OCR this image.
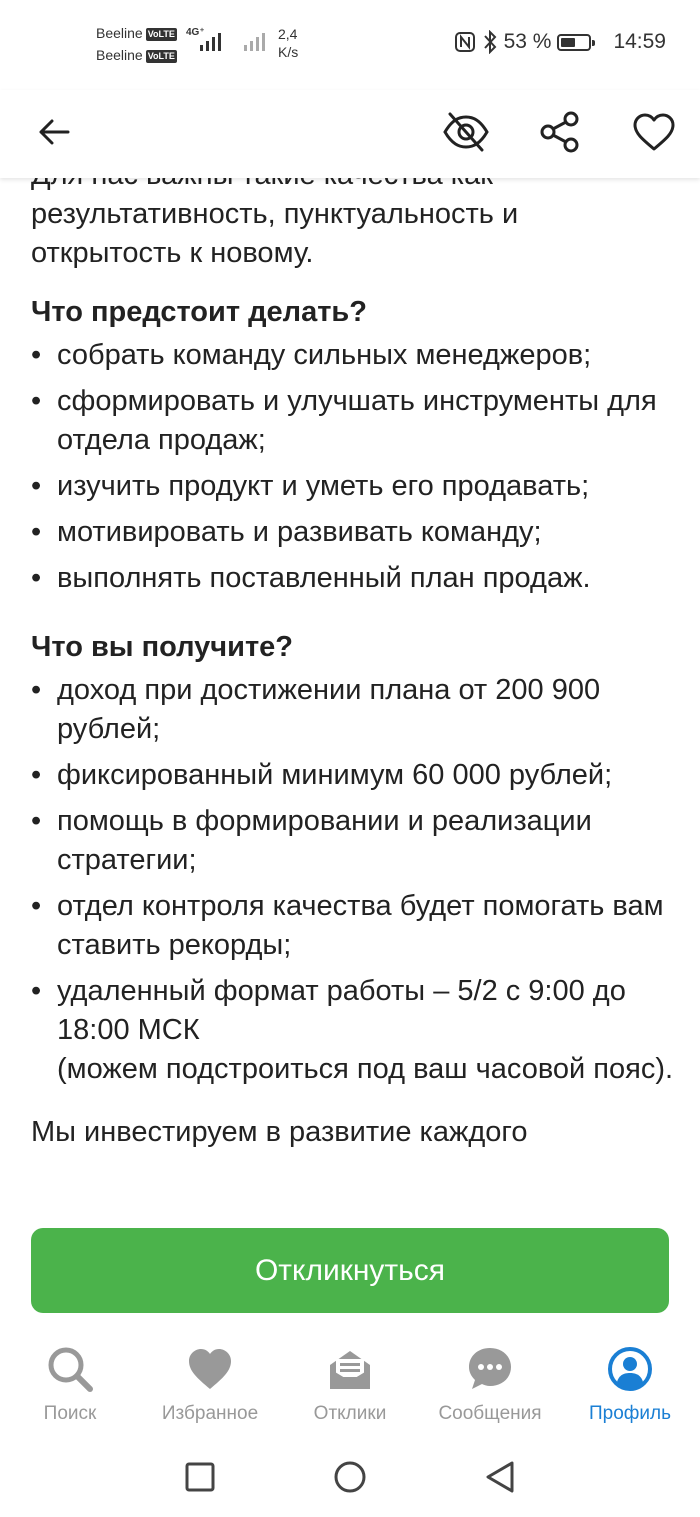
Beeline VoLTE
Beeline VoLTE
4G⁺	2,4
K/s	53 %	14:59

результативность, пунктуальность и
открытость к новому.

Что предстоит делать?
• собрать команду сильных менеджеров;
• сформировать и улучшать инструменты для отдела продаж;
• изучить продукт и уметь его продавать;
• мотивировать и развивать команду;
• выполнять поставленный план продаж.
Что вы получите?
• доход при достижении плана от 200 900 рублей;
• фиксированный минимум 60 000 рублей;
• помощь в формировании и реализации стратегии;
• отдел контроля качества будет помогать вам ставить рекорды;
• удаленный формат работы – 5/2 с 9:00 до 18:00 МСК
(можем подстроиться под ваш часовой пояс).

Мы инвестируем в развитие каждого

Откликнуться
Поиск	Избранное	Отклики	Сообщения Профиль
